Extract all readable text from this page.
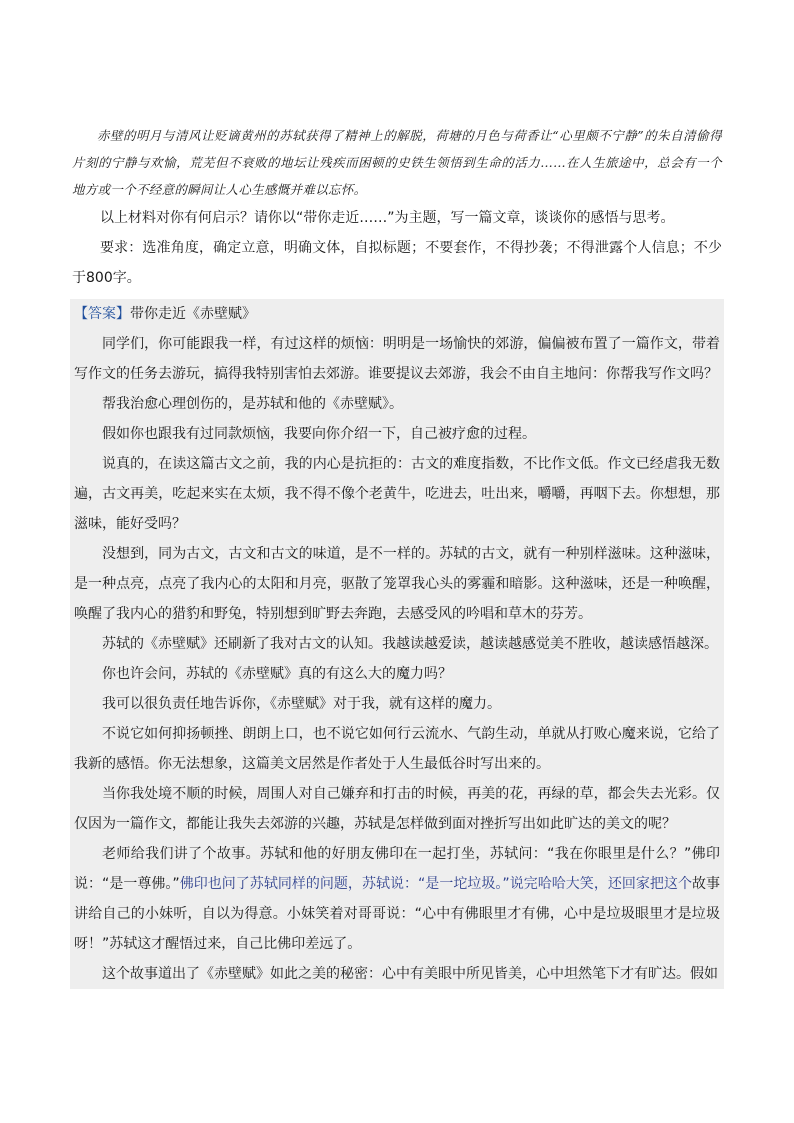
赤壁的明月与清风让贬谪黄州的苏轼获得了精神上的解脱，荷塘的月色与荷香让“心里颇不宁静”的朱自清偷得片刻的宁静与欢愉，荒芜但不衰败的地坛让残疾而困顿的史铁生领悟到生命的活力……在人生旅途中，总会有一个地方或一个不经意的瞬间让人心生感慨并难以忘怀。

以上材料对你有何启示？请你以“带你走近……”为主题，写一篇文章，谈谈你的感悟与思考。

要求：选准角度，确定立意，明确文体，自拟标题；不要套作，不得抄袭；不得泄露个人信息；不少于800字。

【答案】带你走近《赤壁赋》

同学们，你可能跟我一样，有过这样的烦恼：明明是一场愉快的郊游，偏偏被布置了一篇作文，带着写作文的任务去游玩，搞得我特别害怕去郊游。谁要提议去郊游，我会不由自主地问：你帮我写作文吗？

帮我治愈心理创伤的，是苏轼和他的《赤壁赋》。

假如你也跟我有过同款烦恼，我要向你介绍一下，自己被疗愈的过程。

说真的，在读这篇古文之前，我的内心是抗拒的：古文的难度指数，不比作文低。作文已经虐我无数遍，古文再美，吃起来实在太烦，我不得不像个老黄牛，吃进去，吐出来，嚼嚼，再咽下去。你想想，那滋味，能好受吗？

没想到，同为古文，古文和古文的味道，是不一样的。苏轼的古文，就有一种别样滋味。这种滋味，是一种点亮，点亮了我内心的太阳和月亮，驱散了笼罩我心头的雾霾和暗影。这种滋味，还是一种唤醒，唤醒了我内心的猎豹和野兔，特别想到旷野去奔跑，去感受风的吟唱和草木的芬芳。

苏轼的《赤壁赋》还刷新了我对古文的认知。我越读越爱读，越读越感觉美不胜收，越读感悟越深。

你也许会问，苏轼的《赤壁赋》真的有这么大的魔力吗？

我可以很负责任地告诉你，《赤壁赋》对于我，就有这样的魔力。

不说它如何抑扬顿挫、朗朗上口，也不说它如何行云流水、气韵生动，单就从打败心魔来说，它给了我新的感悟。你无法想象，这篇美文居然是作者处于人生最低谷时写出来的。

当你我处境不顺的时候，周围人对自己嫌弃和打击的时候，再美的花，再绿的草，都会失去光彩。仅仅因为一篇作文，都能让我失去郊游的兴趣，苏轼是怎样做到面对挫折写出如此旷达的美文的呢？

老师给我们讲了个故事。苏轼和他的好朋友佛印在一起打坐，苏轼问：“我在你眼里是什么？”佛印说：“是一尊佛。”佛印也问了苏轼同样的问题，苏轼说：“是一坨垃圾。”说完哈哈大笑，还回家把这个故事讲给自己的小妹听，自以为得意。小妹笑着对哥哥说：“心中有佛眼里才有佛，心中是垃圾眼里才是垃圾呀！”苏轼这才醒悟过来，自己比佛印差远了。

这个故事道出了《赤壁赋》如此之美的秘密：心中有美眼中所见皆美，心中坦然笔下才有旷达。假如
